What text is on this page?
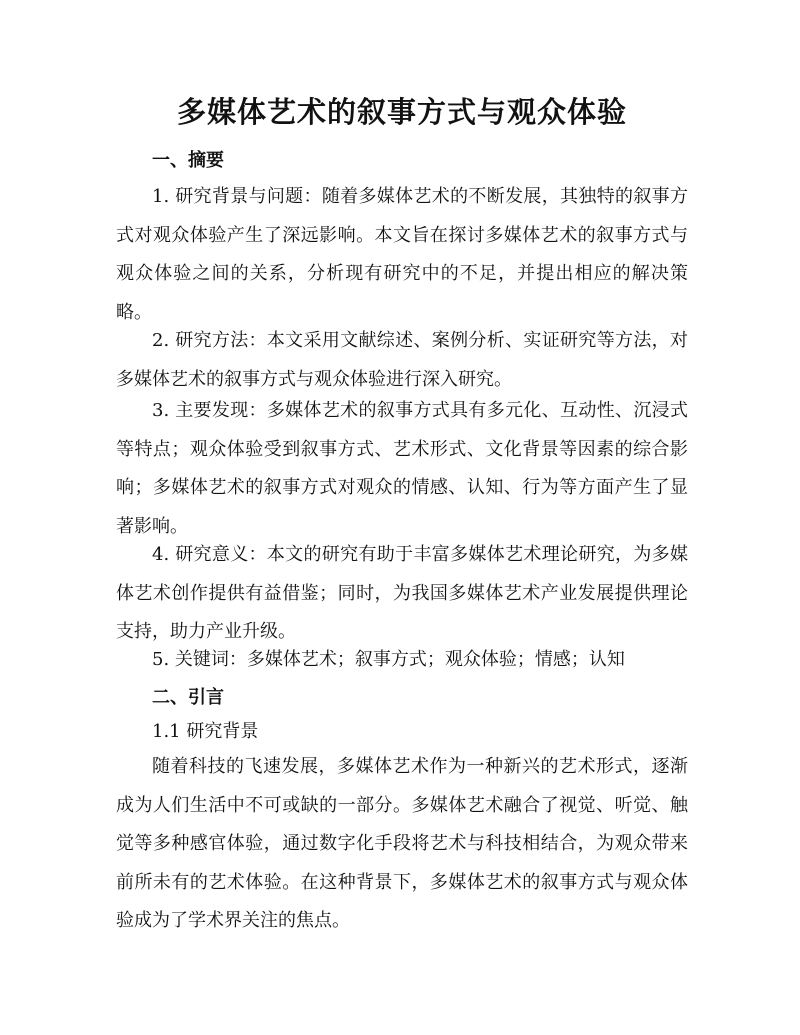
多媒体艺术的叙事方式与观众体验
一、摘要

1. 研究背景与问题：随着多媒体艺术的不断发展，其独特的叙事方式对观众体验产生了深远影响。本文旨在探讨多媒体艺术的叙事方式与观众体验之间的关系，分析现有研究中的不足，并提出相应的解决策略。

2. 研究方法：本文采用文献综述、案例分析、实证研究等方法，对多媒体艺术的叙事方式与观众体验进行深入研究。

3. 主要发现：多媒体艺术的叙事方式具有多元化、互动性、沉浸式等特点；观众体验受到叙事方式、艺术形式、文化背景等因素的综合影响；多媒体艺术的叙事方式对观众的情感、认知、行为等方面产生了显著影响。

4. 研究意义：本文的研究有助于丰富多媒体艺术理论研究，为多媒体艺术创作提供有益借鉴；同时，为我国多媒体艺术产业发展提供理论支持，助力产业升级。

5. 关键词：多媒体艺术；叙事方式；观众体验；情感；认知
二、引言
1.1 研究背景

随着科技的飞速发展，多媒体艺术作为一种新兴的艺术形式，逐渐成为人们生活中不可或缺的一部分。多媒体艺术融合了视觉、听觉、触觉等多种感官体验，通过数字化手段将艺术与科技相结合，为观众带来前所未有的艺术体验。在这种背景下，多媒体艺术的叙事方式与观众体验成为了学术界关注的焦点。
